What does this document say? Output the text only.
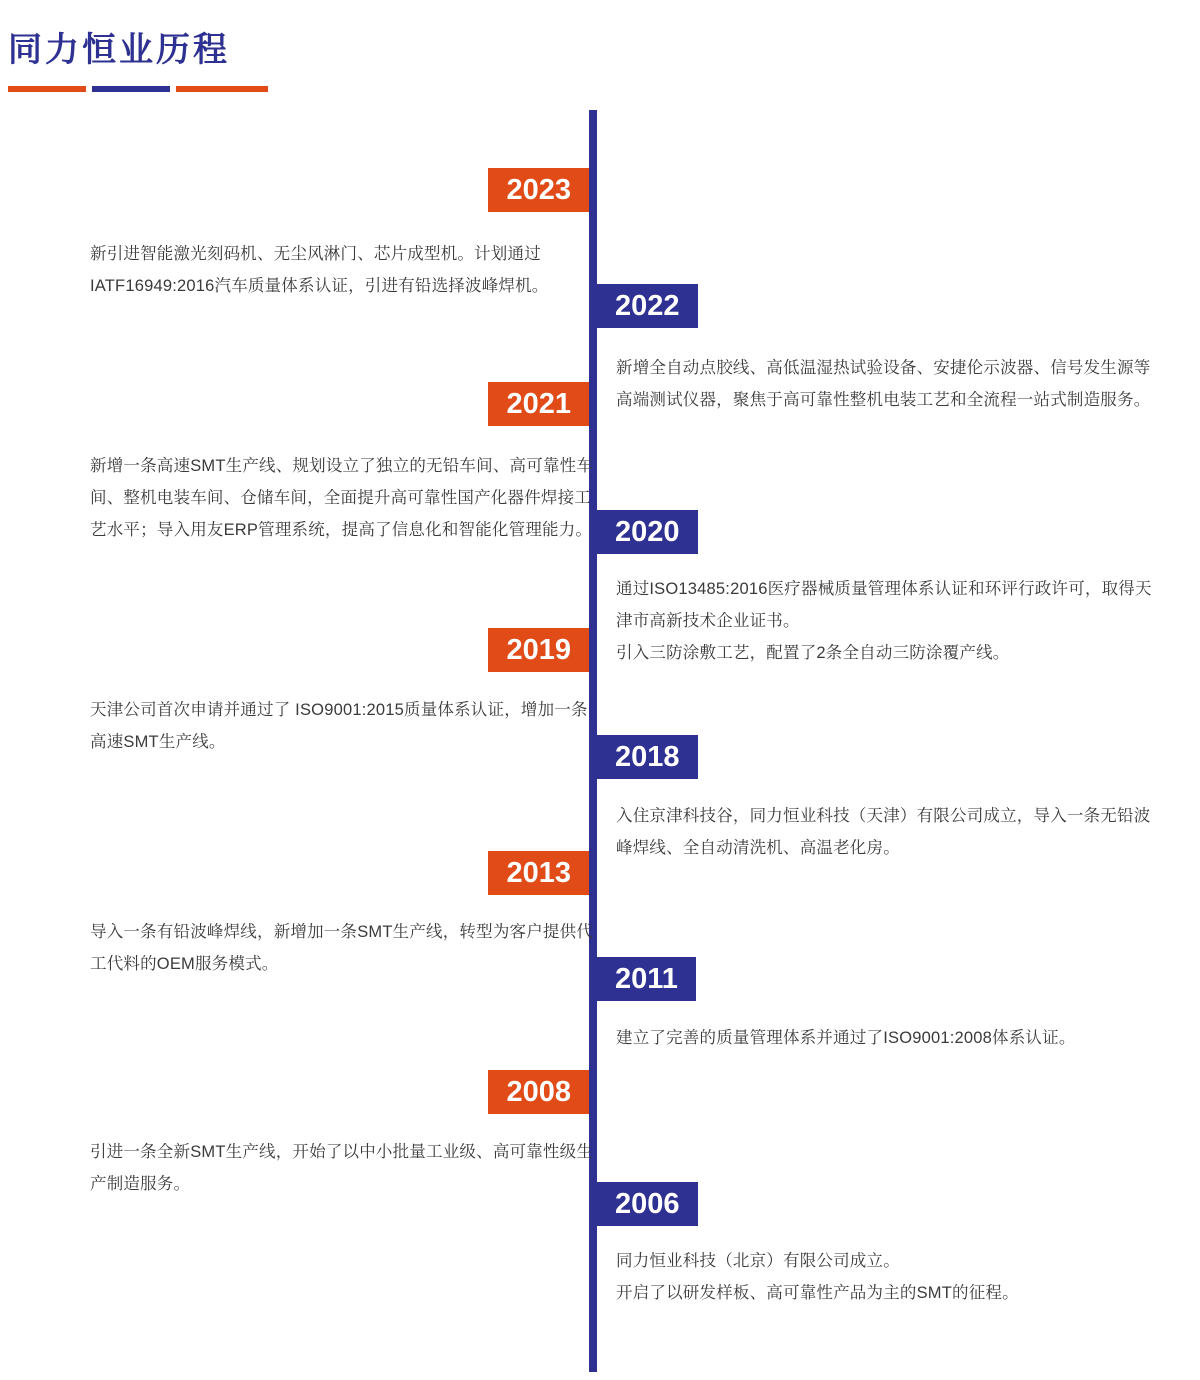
同力恒业历程
2023

新引进智能激光刻码机、无尘风淋门、芯片成型机。计划通过IATF16949:2016汽车质量体系认证，引进有铅选择波峰焊机。

2022

新增全自动点胶线、高低温湿热试验设备、安捷伦示波器、信号发生源等高端测试仪器，聚焦于高可靠性整机电装工艺和全流程一站式制造服务。

2021

新增一条高速SMT生产线、规划设立了独立的无铅车间、高可靠性车间、整机电装车间、仓储车间，全面提升高可靠性国产化器件焊接工艺水平；导入用友ERP管理系统，提高了信息化和智能化管理能力。 2020

通过ISO13485:2016医疗器械质量管理体系认证和环评行政许可，取得天津市高新技术企业证书。

引入三防涂敷工艺，配置了2条全自动三防涂覆产线。

2019

天津公司首次申请并通过了 ISO9001:2015质量体系认证，增加一条高速SMT生产线。	2018

入住京津科技谷，同力恒业科技（天津）有限公司成立，导入一条无铅波峰焊线、全自动清洗机、高温老化房。

2013

导入一条有铅波峰焊线，新增加一条SMT生产线，转型为客户提供代工代料的OEM服务模式。	2011

建立了完善的质量管理体系并通过了ISO9001:2008体系认证。

2008

引进一条全新SMT生产线，开始了以中小批量工业级、高可靠性级生产制造服务。

2006

同力恒业科技（北京）有限公司成立。

开启了以研发样板、高可靠性产品为主的SMT的征程。
